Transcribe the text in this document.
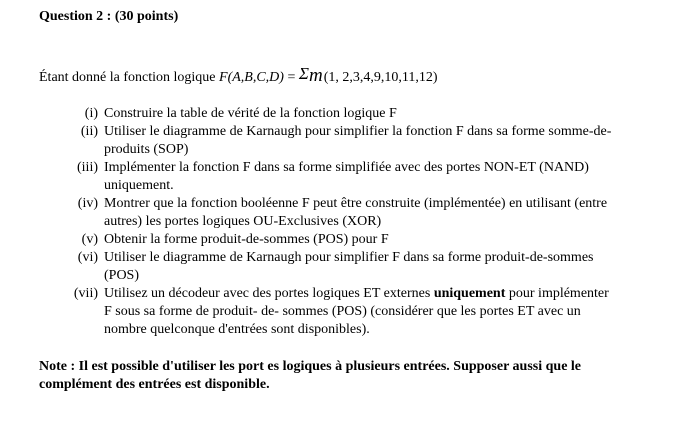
Question 2 : (30 points)
Étant donné la fonction logique F(A,B,C,D) = Σm(1, 2,3,4,9,10,11,12)
(i) Construire la table de vérité de la fonction logique F
(ii) Utiliser le diagramme de Karnaugh pour simplifier la fonction F dans sa forme somme-de-produits (SOP)
(iii) Implémenter la fonction F dans sa forme simplifiée avec des portes NON-ET (NAND) uniquement.
(iv) Montrer que la fonction booléenne F peut être construite (implémentée) en utilisant (entre autres) les portes logiques OU-Exclusives (XOR)
(v) Obtenir la forme produit-de-sommes (POS) pour F
(vi) Utiliser le diagramme de Karnaugh pour simplifier F dans sa forme produit-de-sommes (POS)
(vii) Utilisez un décodeur avec des portes logiques ET externes uniquement pour implémenter F sous sa forme de produit- de- sommes (POS) (considérer que les portes ET avec un nombre quelconque d'entrées sont disponibles).
Note : Il est possible d'utiliser les port es logiques à plusieurs entrées. Supposer aussi que le complément des entrées est disponible.
